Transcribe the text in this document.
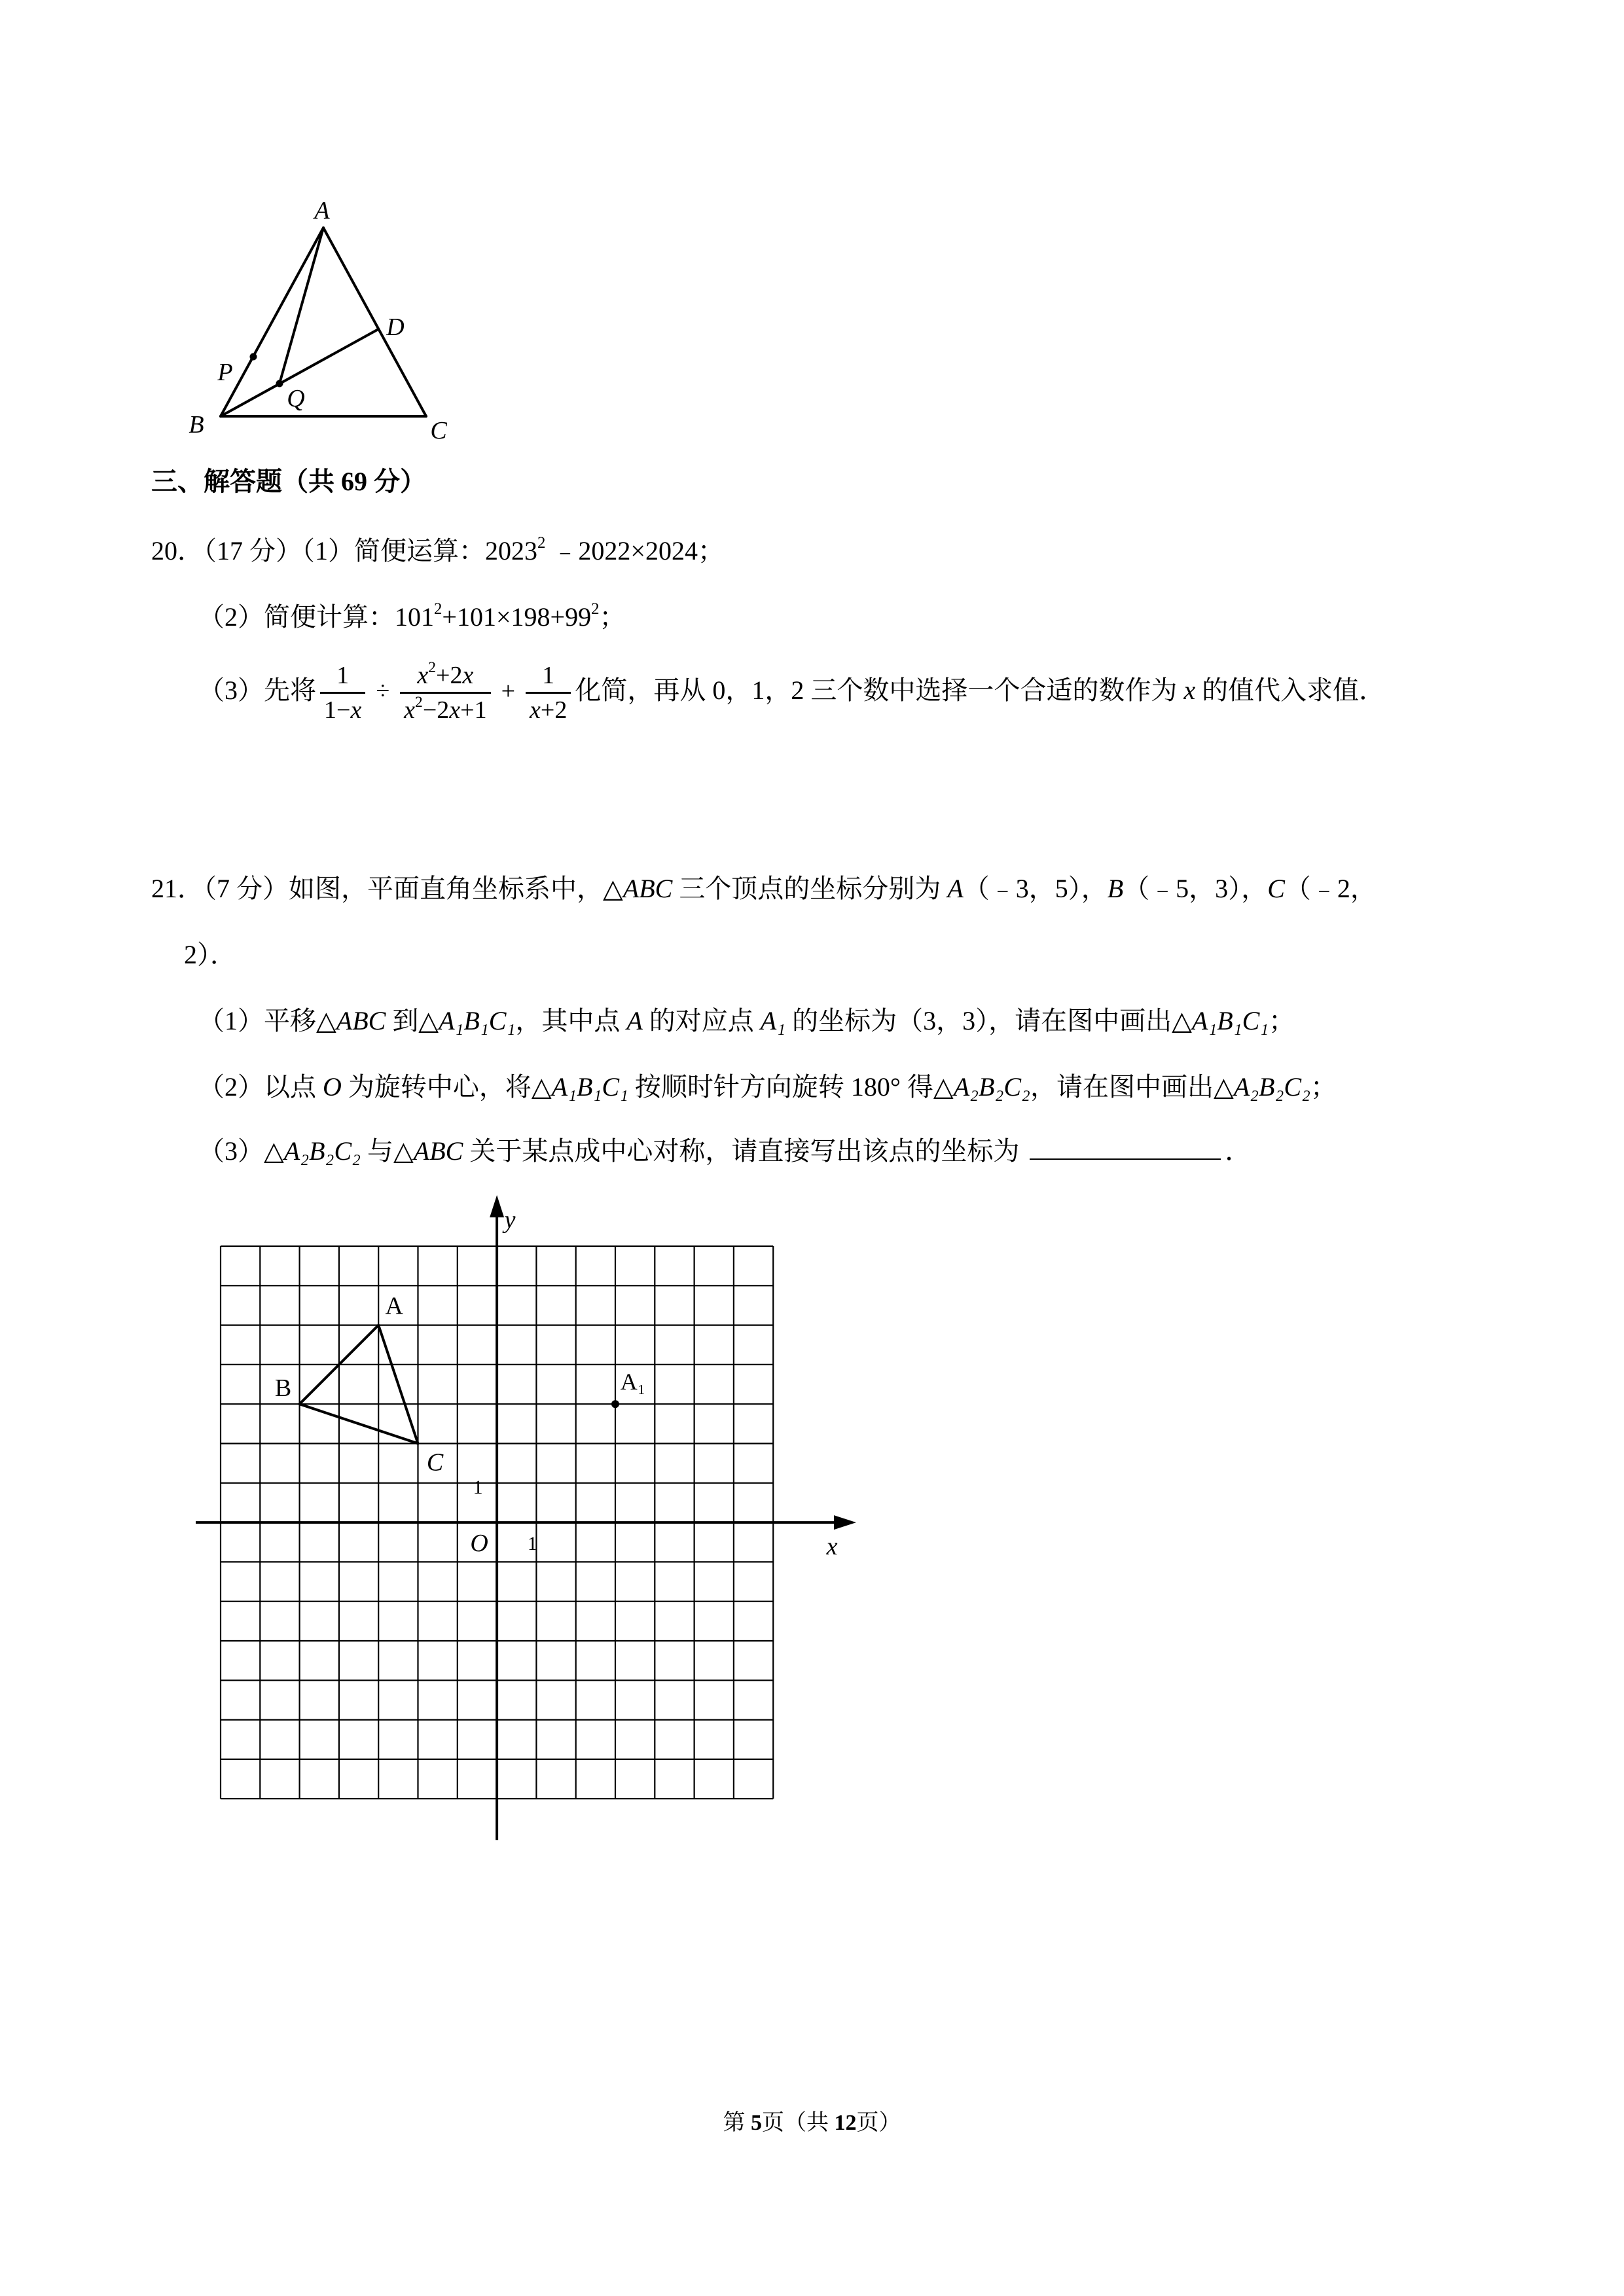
A
D
P
Q
B	C
三、解答题（共 69 分）
20．（17 分）（1）简便运算：2023$^2$ ﹣2022×2024；
（2）简便计算：$101^2+101\times 198+99^2$；
（3）先将 $\frac{1}{1-x} \div \frac{x^2+2x}{x^2-2x+1} + \frac{1}{x+2}$ 化简，再从 0，1，2 三个数中选择一个合适的数作为 x 的值代入求值．
21．（7 分）如图，平面直角坐标系中，△ABC 三个顶点的坐标分别为 A（﹣3，5），B（﹣5，3），C（﹣2，
2）．
（1）平移△ABC 到△A₁B₁C₁，其中点 A 的对应点 A₁ 的坐标为（3，3），请在图中画出△A₁B₁C₁；
（2）以点 O 为旋转中心，将△A₁B₁C₁ 按顺时针方向旋转 180° 得△A₂B₂C₂，请在图中画出△A₂B₂C₂；
（3）△A₂B₂C₂ 与△ABC 关于某点成中心对称，请直接写出该点的坐标为	．
y
x
O 1
1
A
B
C
A₁
第 5页（共 12页）
